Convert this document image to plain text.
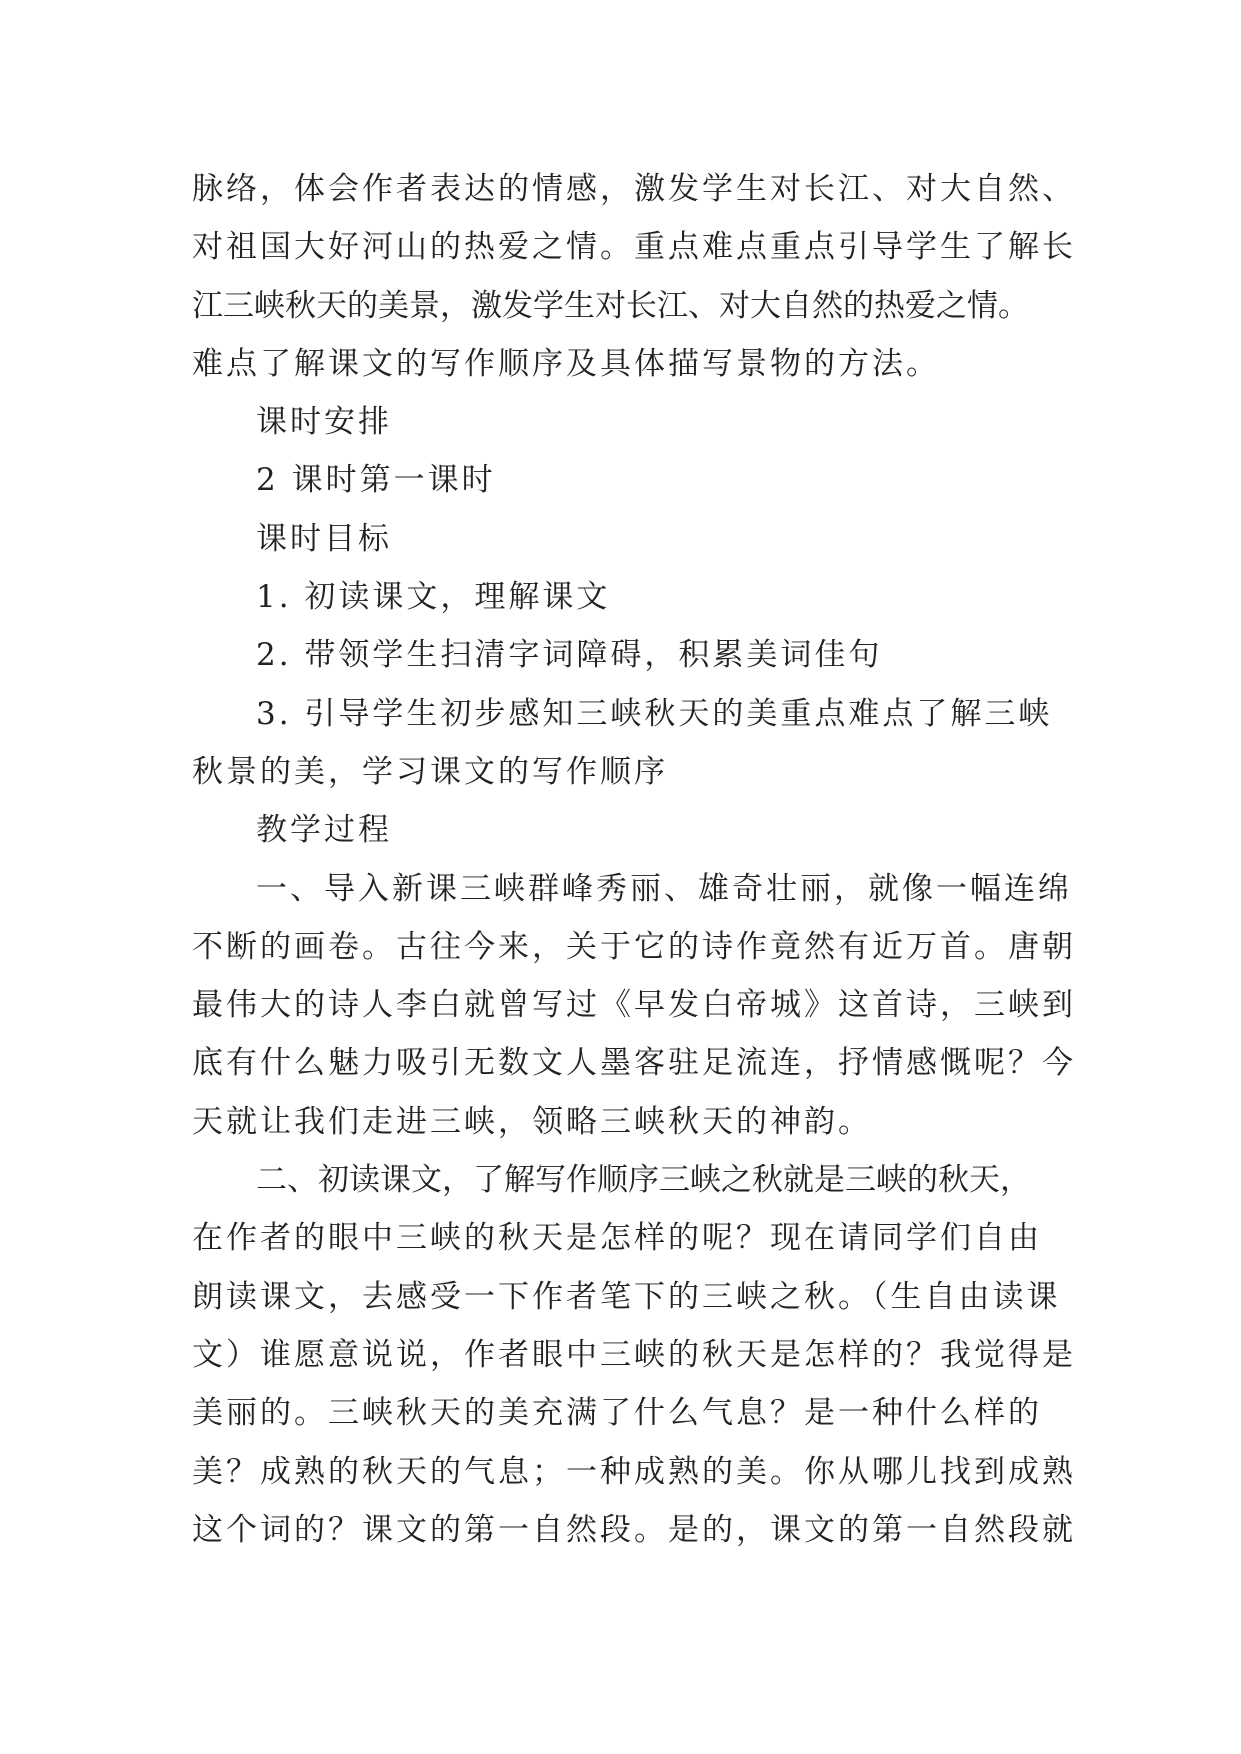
脉络，体会作者表达的情感，激发学生对长江、对大自然、
对祖国大好河山的热爱之情。重点难点重点引导学生了解长
江三峡秋天的美景，激发学生对长江、对大自然的热爱之情。
难点了解课文的写作顺序及具体描写景物的方法。
课时安排
2 课时第一课时
课时目标
1. 初读课文，理解课文
2. 带领学生扫清字词障碍，积累美词佳句
3. 引导学生初步感知三峡秋天的美重点难点了解三峡
秋景的美，学习课文的写作顺序
教学过程
一、导入新课三峡群峰秀丽、雄奇壮丽，就像一幅连绵
不断的画卷。古往今来，关于它的诗作竟然有近万首。唐朝
最伟大的诗人李白就曾写过《早发白帝城》这首诗，三峡到
底有什么魅力吸引无数文人墨客驻足流连，抒情感慨呢？今
天就让我们走进三峡，领略三峡秋天的神韵。
二、初读课文，了解写作顺序三峡之秋就是三峡的秋天，
在作者的眼中三峡的秋天是怎样的呢？现在请同学们自由
朗读课文，去感受一下作者笔下的三峡之秋。（生自由读课
文）谁愿意说说，作者眼中三峡的秋天是怎样的？我觉得是
美丽的。三峡秋天的美充满了什么气息？是一种什么样的
美？成熟的秋天的气息；一种成熟的美。你从哪儿找到成熟
这个词的？课文的第一自然段。是的，课文的第一自然段就
